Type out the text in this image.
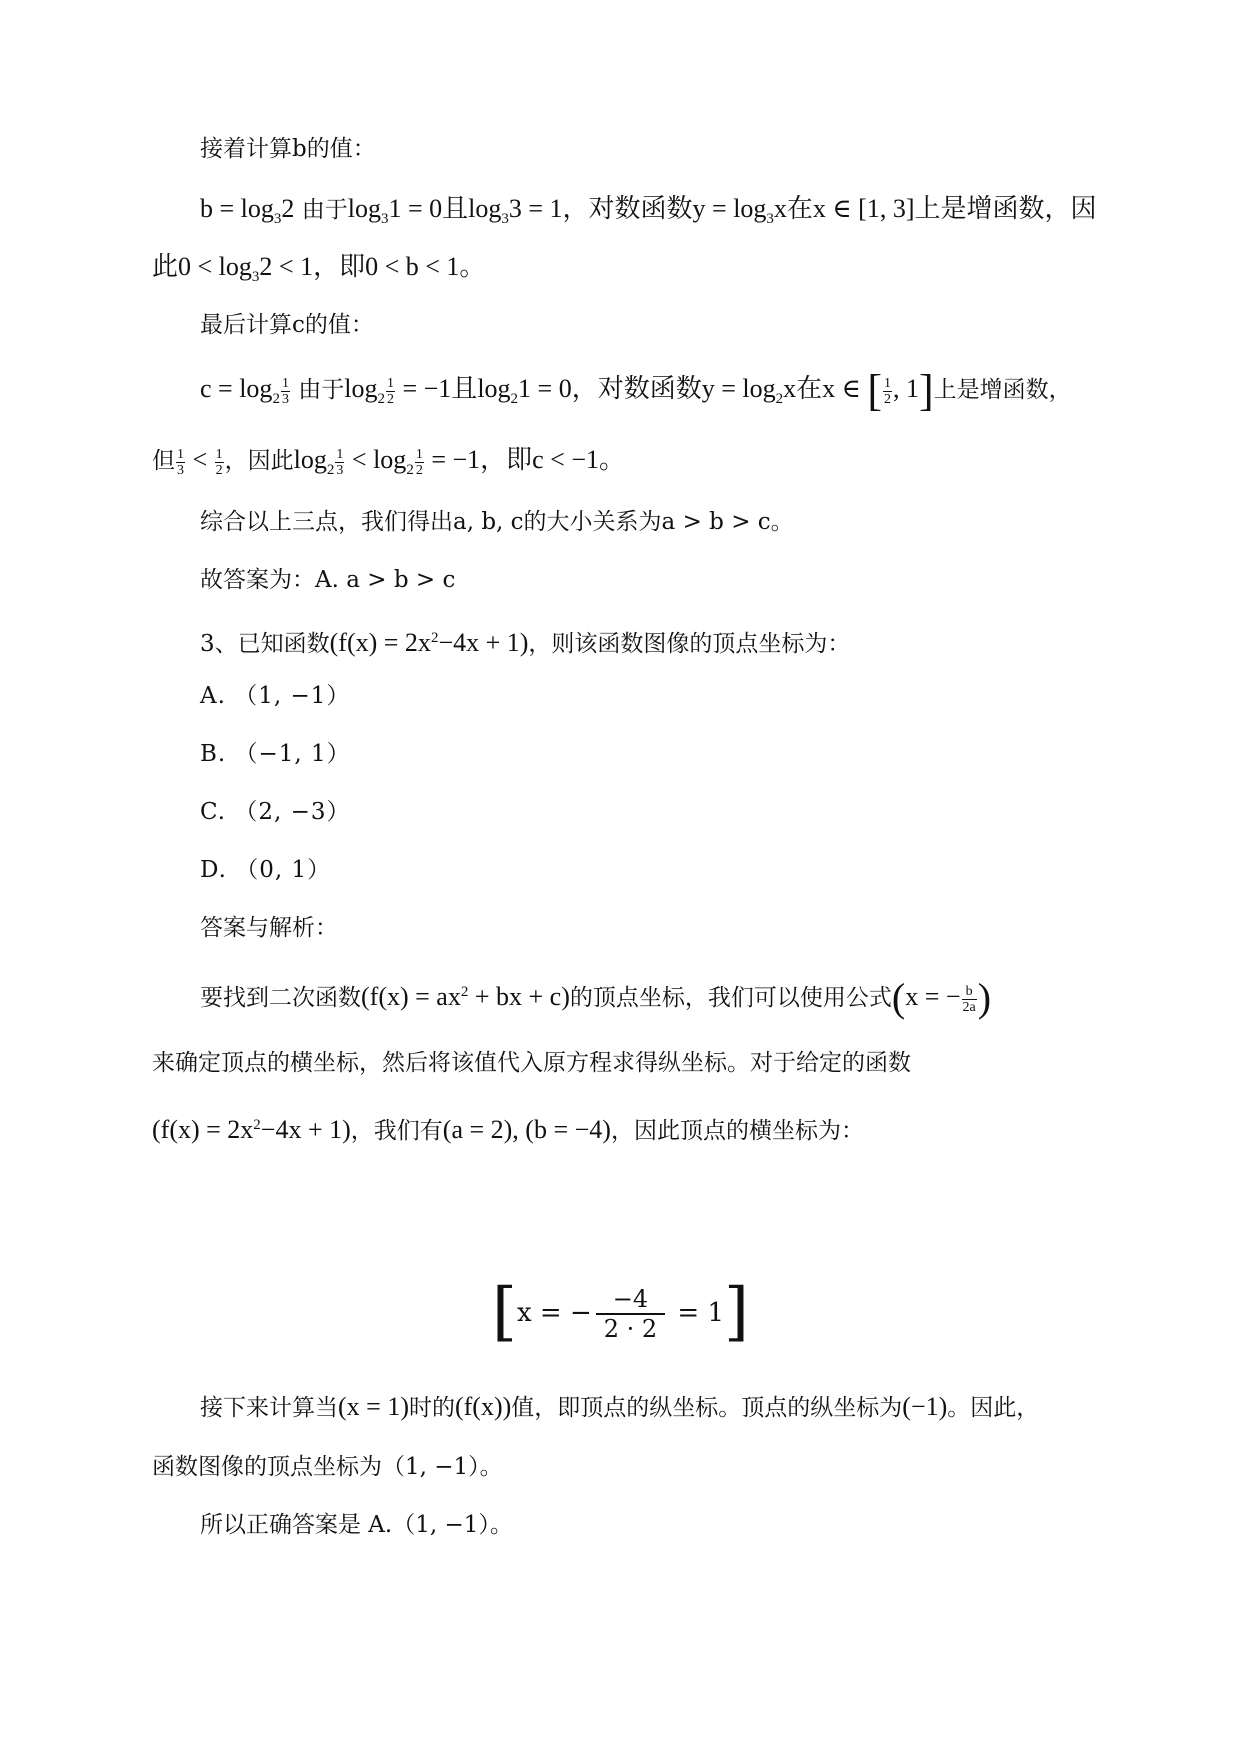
接着计算b的值：
$b = \log_32$ 由于$\log_31 = 0$且$\log_33 = 1$，对数函数$y = \log_3x$在x ∈ [1, 3]上是增函数，因
此$0 < \log_32 < 1$，即0 < b < 1。
最后计算c的值：
$c = \log_2 \frac{1}{3}$ 由于$\log_2 \frac{1}{2} = -1$且$\log_21 = 0$，对数函数$y = \log_2x$在x ∈ [ $\frac{1}{2}$ , 1]上是增函数，
但 $\frac{1}{3} < \frac{1}{2}$ ，因此$\log_2 \frac{1}{3} < \log_2 \frac{1}{2} = -1$，即c < −1。
综合以上三点，我们得出a, b, c的大小关系为a > b > c。
故答案为：A. a > b > c
3、已知函数$(f(x) = 2x^2-4x + 1)$，则该函数图像的顶点坐标为：
A. （1, −1）
B. （−1, 1）
C. （2, −3）
D. （0, 1）
答案与解析：
要找到二次函数($f(x) = ax^2$ + bx + c)的顶点坐标，我们可以使用公式(x = − $\frac{b}{2a}$ )
来确定顶点的横坐标，然后将该值代入原方程求得纵坐标。对于给定的函数
$(f(x) = 2x^2-4x + 1)$，我们有(a = 2), (b = −4)，因此顶点的横坐标为：
[x = − $\frac{-4}{2 \cdot 2} = 1$]
接下来计算当(x = 1)时的(f(x))值，即顶点的纵坐标。顶点的纵坐标为(−1)。因此，
函数图像的顶点坐标为（1, −1）。
所以正确答案是 A.（1, −1）。
